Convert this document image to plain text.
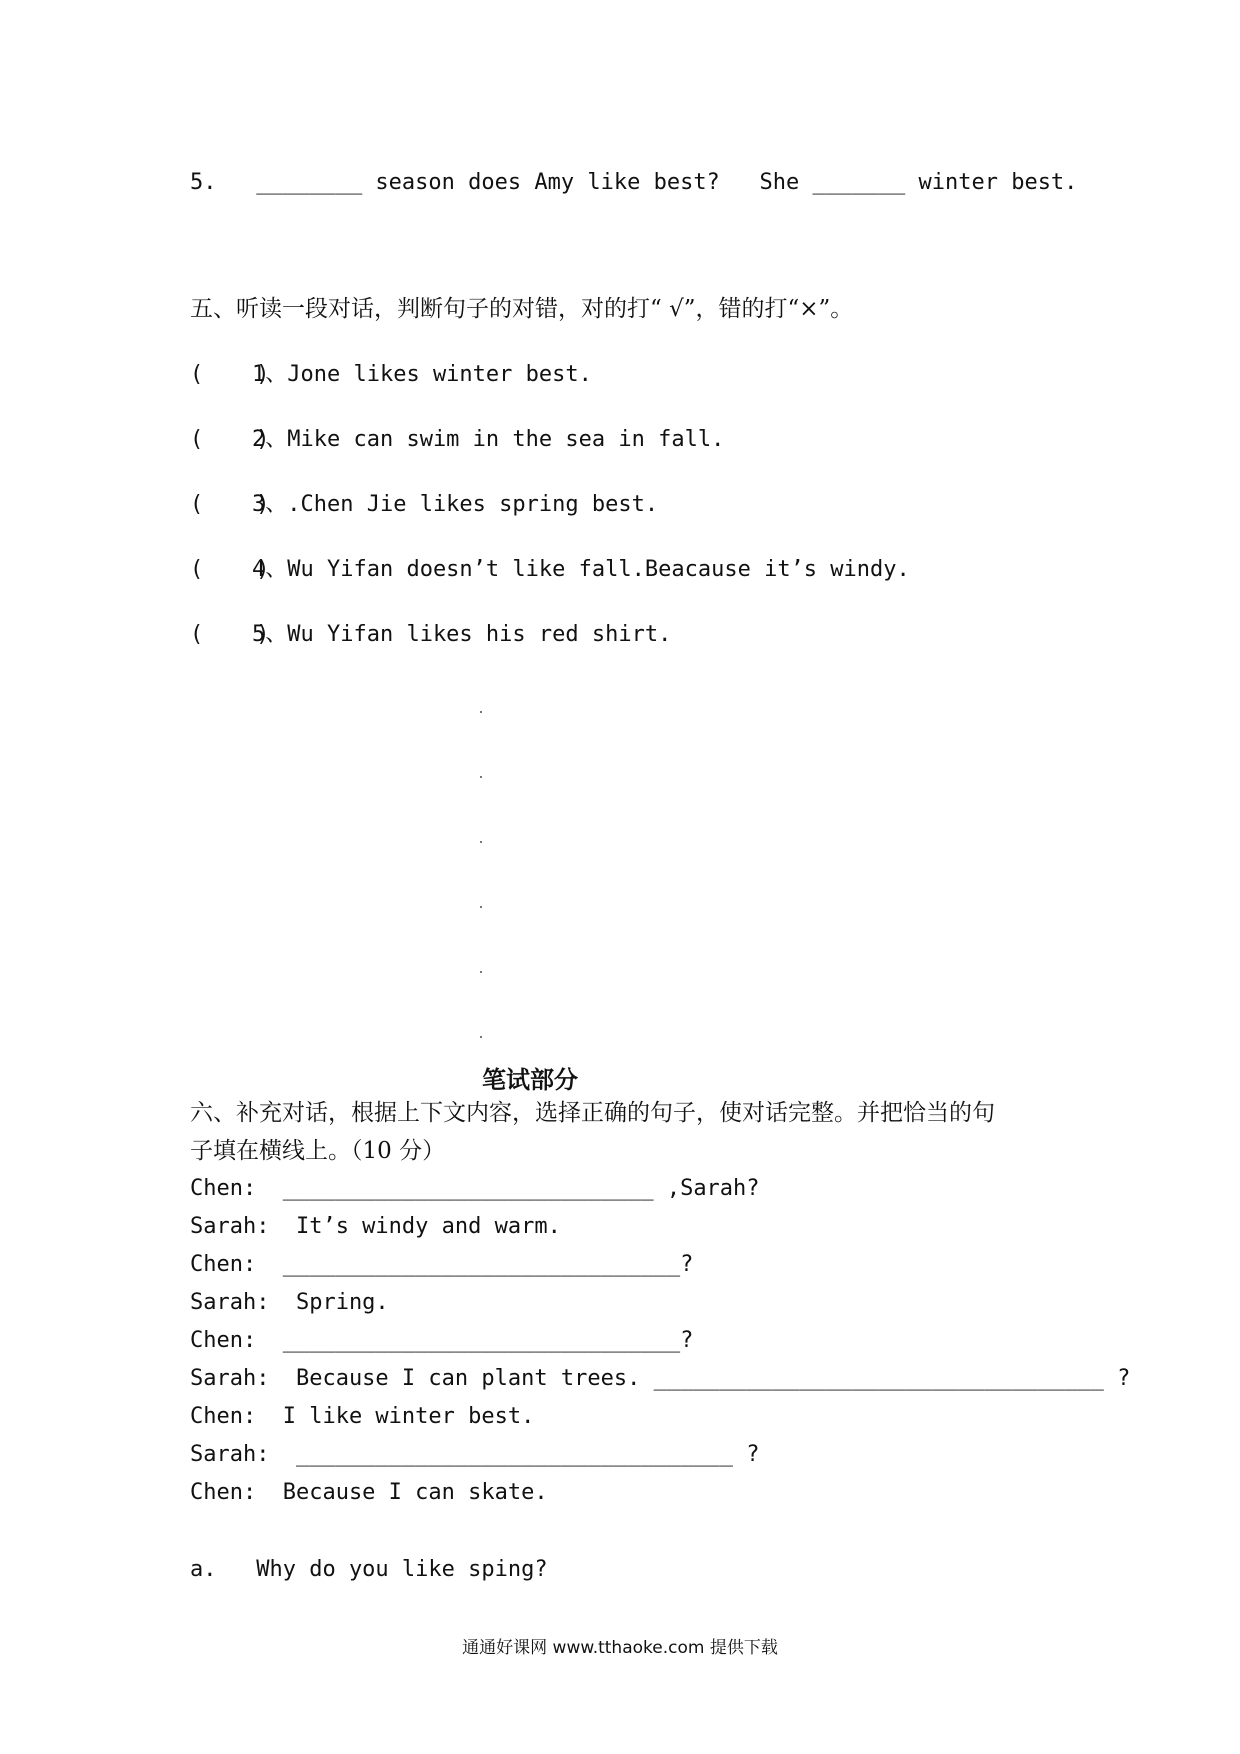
5.   ________ season does Amy like best?   She _______ winter best.
五、听读一段对话，判断句子的对错，对的打“ √”，错的打“×”。
(    )1、Jone likes winter best.
(    )2、Mike can swim in the sea in fall.
(    )3、.Chen Jie likes spring best.
(    )4、Wu Yifan doesn’t like fall.Beacause it’s windy.
(    )5、Wu Yifan likes his red shirt.
笔试部分
六、补充对话，根据上下文内容，选择正确的句子，使对话完整。并把恰当的句
子填在横线上。（10 分）
Chen:  ____________________________ ,Sarah?
Sarah:  It’s windy and warm.
Chen:  ______________________________?
Sarah:  Spring.
Chen:  ______________________________?
Sarah:  Because I can plant trees. __________________________________ ?
Chen:  I like winter best.
Sarah:  _________________________________ ?
Chen:  Because I can skate.
a.   Why do you like sping?
通通好课网 www.tthaoke.com 提供下载
